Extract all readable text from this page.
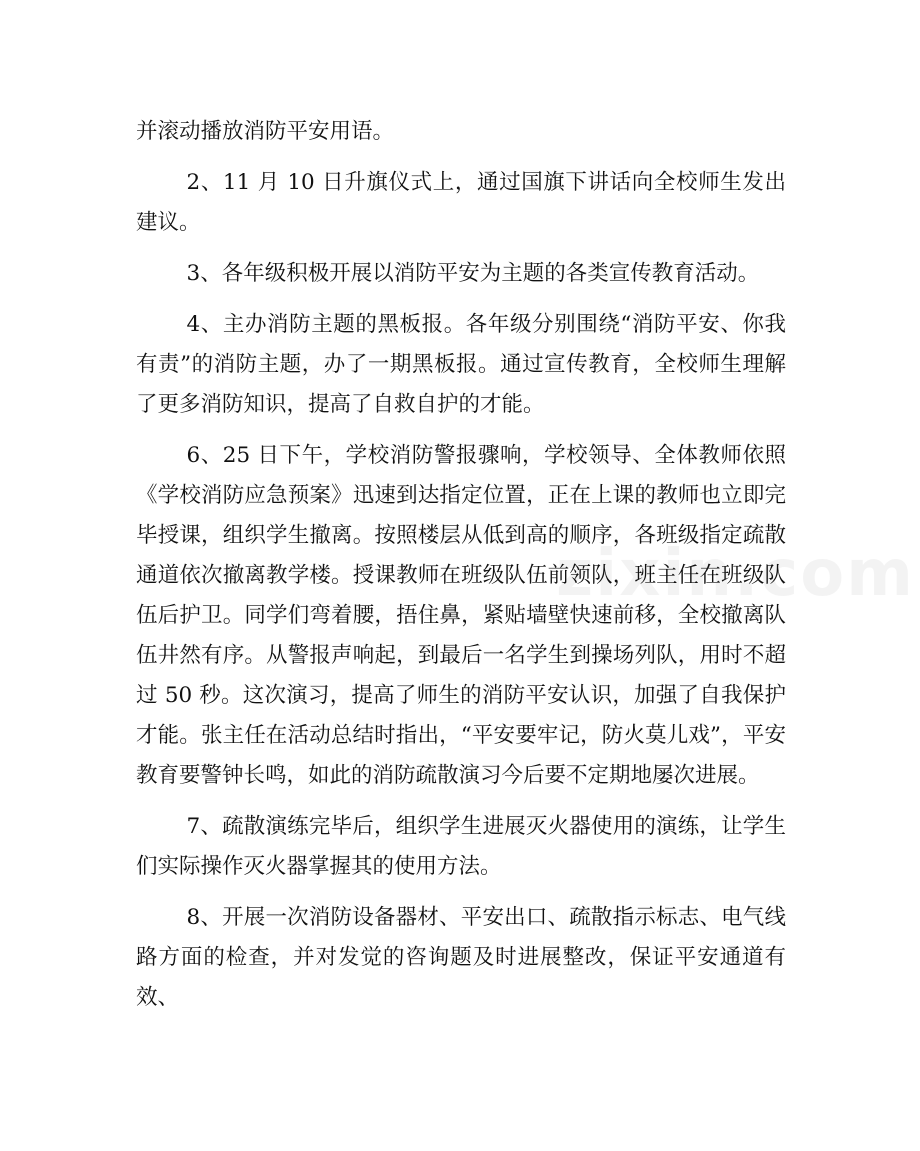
并滚动播放消防平安用语。

2、11 月 10 日升旗仪式上，通过国旗下讲话向全校师生发出建议。

3、各年级积极开展以消防平安为主题的各类宣传教育活动。

4、主办消防主题的黑板报。各年级分别围绕“消防平安、你我有责”的消防主题，办了一期黑板报。通过宣传教育，全校师生理解了更多消防知识，提高了自救自护的才能。

6、25 日下午，学校消防警报骤响，学校领导、全体教师依照《学校消防应急预案》迅速到达指定位置，正在上课的教师也立即完毕授课，组织学生撤离。按照楼层从低到高的顺序，各班级指定疏散通道依次撤离教学楼。授课教师在班级队伍前领队，班主任在班级队伍后护卫。同学们弯着腰，捂住鼻，紧贴墙壁快速前移，全校撤离队伍井然有序。从警报声响起，到最后一名学生到操场列队，用时不超过 50 秒。这次演习，提高了师生的消防平安认识，加强了自我保护才能。张主任在活动总结时指出，“平安要牢记，防火莫儿戏”，平安教育要警钟长鸣，如此的消防疏散演习今后要不定期地屡次进展。

7、疏散演练完毕后，组织学生进展灭火器使用的演练，让学生们实际操作灭火器掌握其的使用方法。

8、开展一次消防设备器材、平安出口、疏散指示标志、电气线路方面的检查，并对发觉的咨询题及时进展整改，保证平安通道有效、
